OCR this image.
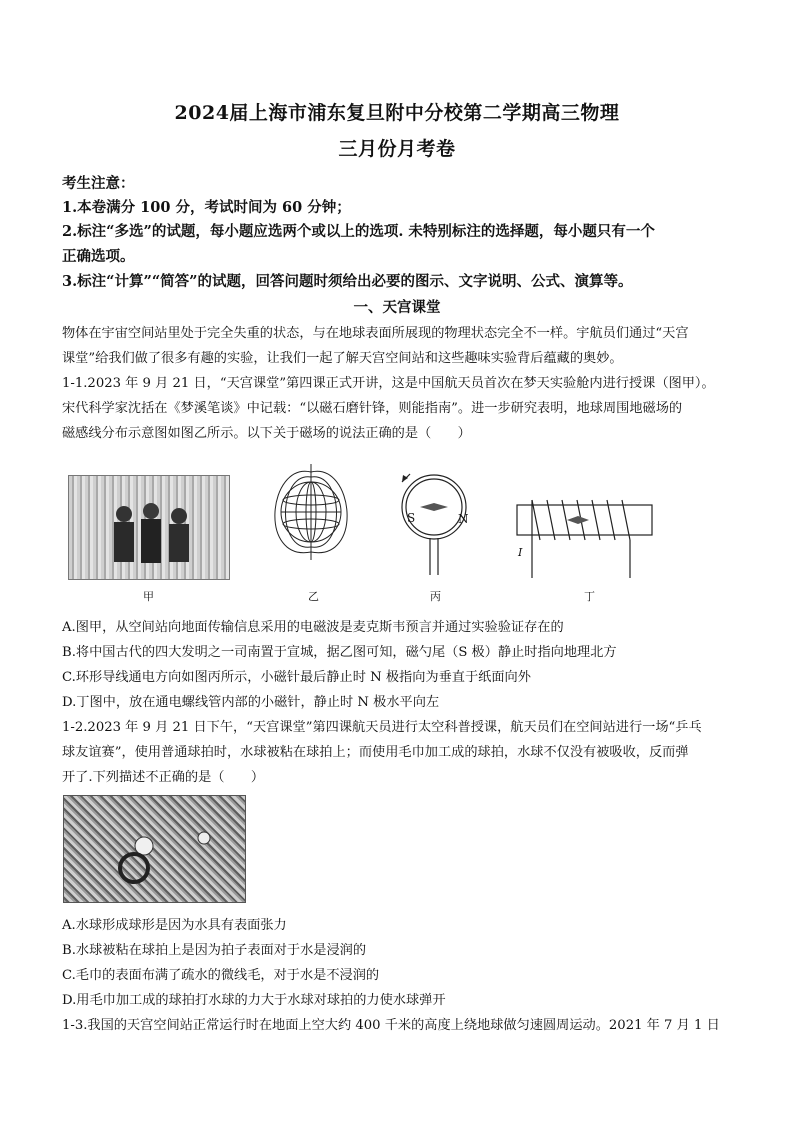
2024届上海市浦东复旦附中分校第二学期高三物理
三月份月考卷
考生注意：
1.本卷满分 100 分，考试时间为 60 分钟；
2.标注“多选”的试题，每小题应选两个或以上的选项. 未特别标注的选择题，每小题只有一个
正确选项。
3.标注“计算”“简答”的试题，回答问题时须给出必要的图示、文字说明、公式、演算等。
一、天宫课堂
物体在宇宙空间站里处于完全失重的状态，与在地球表面所展现的物理状态完全不一样。宇航员们通过“天宫
课堂”给我们做了很多有趣的实验，让我们一起了解天宫空间站和这些趣味实验背后蕴藏的奥妙。
1-1.2023 年 9 月 21 日，“天宫课堂”第四课正式开讲，这是中国航天员首次在梦天实验舱内进行授课（图甲）。
宋代科学家沈括在《梦溪笔谈》中记载：“以磁石磨针锋，则能指南”。进一步研究表明，地球周围地磁场的
磁感线分布示意图如图乙所示。以下关于磁场的说法正确的是（　　）
甲	乙
S	N
丙
I
丁
A.图甲，从空间站向地面传输信息采用的电磁波是麦克斯韦预言并通过实验验证存在的
B.将中国古代的四大发明之一司南置于宣城，据乙图可知，磁勺尾（S 极）静止时指向地理北方
C.环形导线通电方向如图丙所示，小磁针最后静止时 N 极指向为垂直于纸面向外
D.丁图中，放在通电螺线管内部的小磁针，静止时 N 极水平向左
1-2.2023 年 9 月 21 日下午，“天宫课堂”第四课航天员进行太空科普授课，航天员们在空间站进行一场“乒乓
球友谊赛”，使用普通球拍时，水球被粘在球拍上；而使用毛巾加工成的球拍，水球不仅没有被吸收，反而弹
开了.下列描述不正确的是（　　）
A.水球形成球形是因为水具有表面张力
B.水球被粘在球拍上是因为拍子表面对于水是浸润的
C.毛巾的表面布满了疏水的微线毛，对于水是不浸润的
D.用毛巾加工成的球拍打水球的力大于水球对球拍的力使水球弹开
1-3.我国的天宫空间站正常运行时在地面上空大约 400 千米的高度上绕地球做匀速圆周运动。2021 年 7 月 1 日
